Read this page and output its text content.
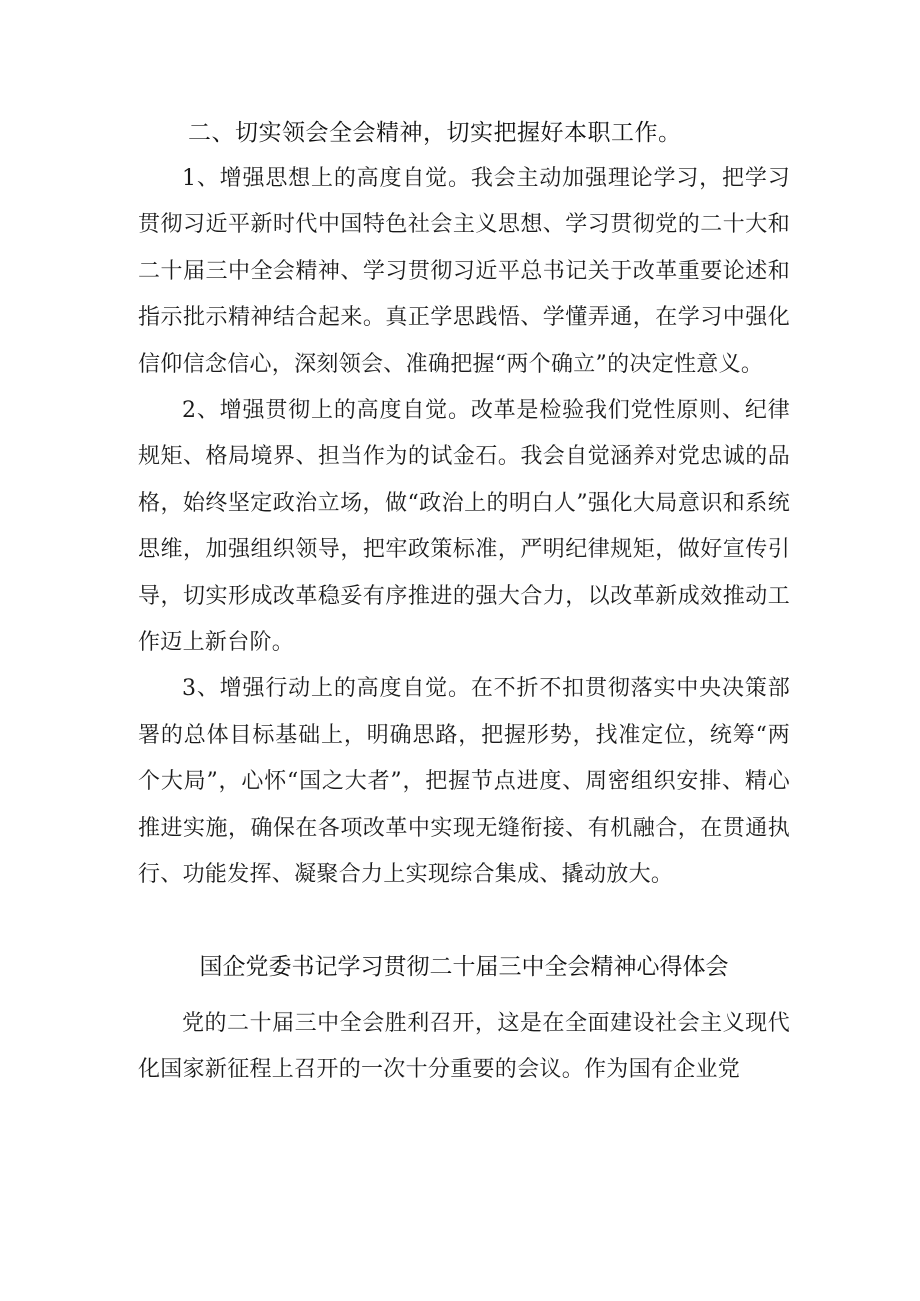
二、切实领会全会精神，切实把握好本职工作。

1、增强思想上的高度自觉。我会主动加强理论学习，把学习贯彻习近平新时代中国特色社会主义思想、学习贯彻党的二十大和二十届三中全会精神、学习贯彻习近平总书记关于改革重要论述和指示批示精神结合起来。真正学思践悟、学懂弄通，在学习中强化信仰信念信心，深刻领会、准确把握“两个确立”的决定性意义。

2、增强贯彻上的高度自觉。改革是检验我们党性原则、纪律规矩、格局境界、担当作为的试金石。我会自觉涵养对党忠诚的品格，始终坚定政治立场，做“政治上的明白人”强化大局意识和系统思维，加强组织领导，把牢政策标准，严明纪律规矩，做好宣传引导，切实形成改革稳妥有序推进的强大合力，以改革新成效推动工作迈上新台阶。

3、增强行动上的高度自觉。在不折不扣贯彻落实中央决策部署的总体目标基础上，明确思路，把握形势，找准定位，统筹“两个大局”，心怀“国之大者”，把握节点进度、周密组织安排、精心推进实施，确保在各项改革中实现无缝衔接、有机融合，在贯通执行、功能发挥、凝聚合力上实现综合集成、撬动放大。

国企党委书记学习贯彻二十届三中全会精神心得体会

党的二十届三中全会胜利召开，这是在全面建设社会主义现代化国家新征程上召开的一次十分重要的会议。作为国有企业党
